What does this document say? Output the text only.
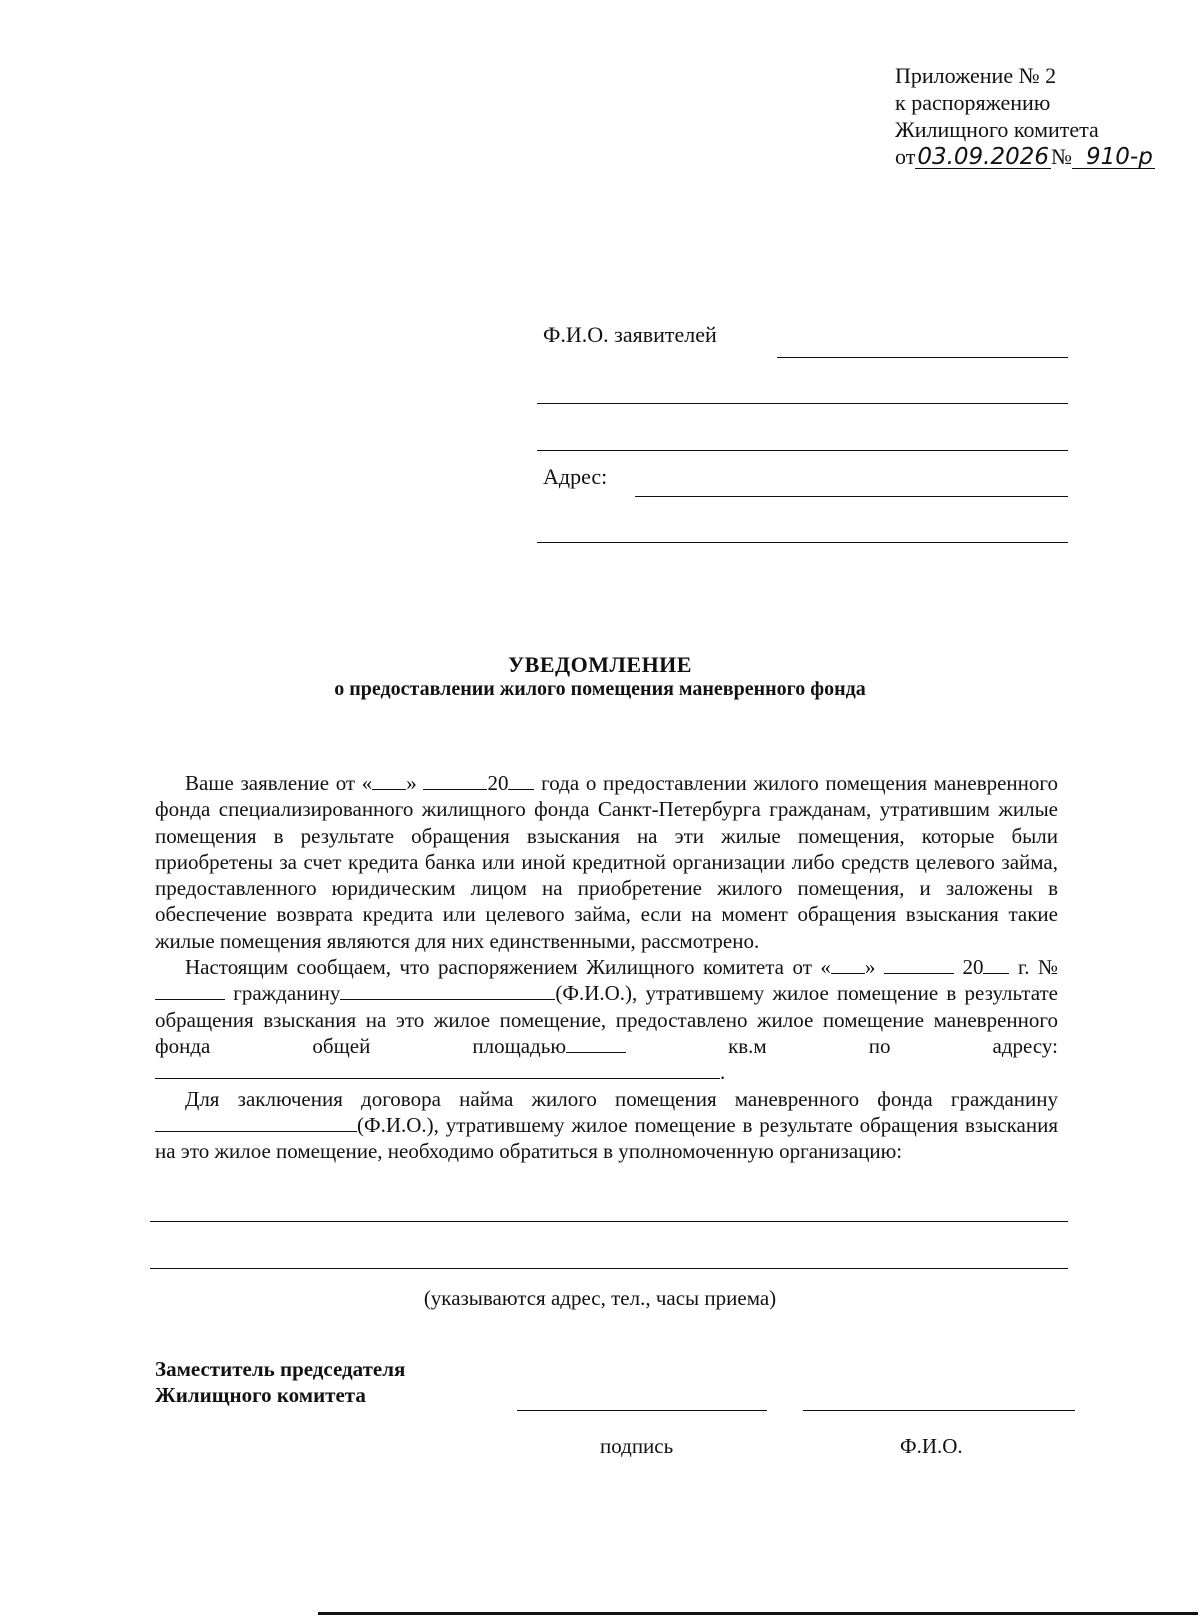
Приложение № 2
к распоряжению
Жилищного комитета
от03.09.2026№ 910-р
Ф.И.О. заявителей
Адрес:
УВЕДОМЛЕНИЕ
о предоставлении жилого помещения маневренного фонда

Ваше заявление от « »	20 года о предоставлении жилого помещения маневренного фонда специализированного жилищного фонда Санкт-Петербурга гражданам, утратившим жилые помещения в результате обращения взыскания на эти жилые помещения, которые были приобретены за счет кредита банка или иной кредитной организации либо средств целевого займа, предоставленного юридическим лицом на приобретение жилого помещения, и заложены в обеспечение возврата кредита или целевого займа, если на момент обращения взыскания такие жилые помещения являются для них единственными, рассмотрено.

Настоящим сообщаем, что распоряжением Жилищного комитета от « »	20 г. №  гражданину	(Ф.И.О.), утратившему жилое помещение в результате обращения взыскания на это жилое помещение, предоставлено жилое помещение маневренного фонда общей площадью	кв.м по адресу:.

Для заключения договора найма жилого помещения маневренного фонда гражданину(Ф.И.О.), утратившему жилое помещение в результате обращения взыскания на это жилое помещение, необходимо обратиться в уполномоченную организацию:

(указываются адрес, тел., часы приема)
Заместитель председателя
Жилищного комитета
подпись	Ф.И.О.
